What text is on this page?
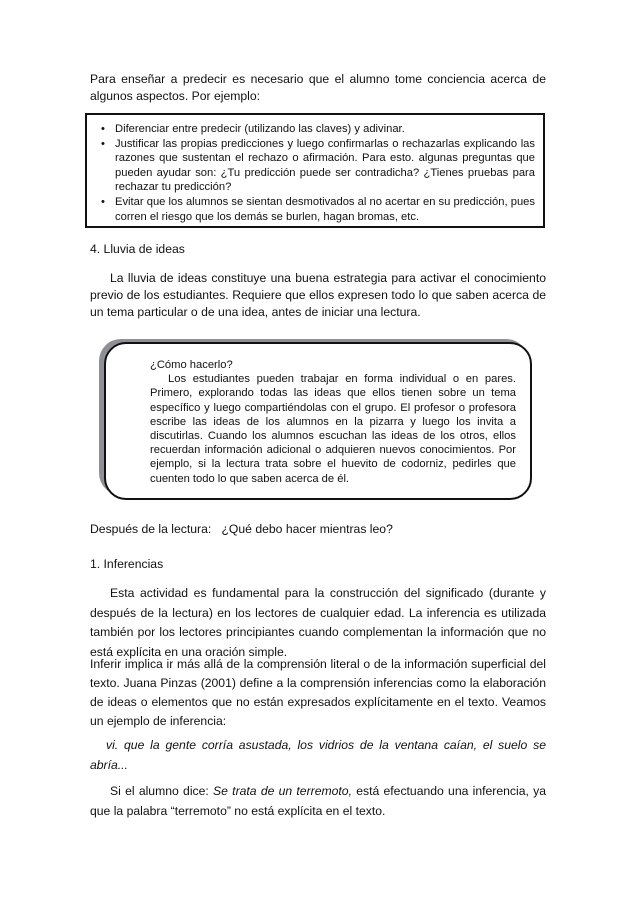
Para enseñar a predecir es necesario que el alumno tome conciencia acerca de algunos aspectos. Por ejemplo:

• Diferenciar entre predecir (utilizando las claves) y adivinar.
• Justificar las propias predicciones y luego confirmarlas o rechazarlas explicando las razones que sustentan el rechazo o afirmación. Para esto. algunas preguntas que pueden ayudar son: ¿Tu predicción puede ser contradicha? ¿Tienes pruebas para rechazar tu predicción?
• Evitar que los alumnos se sientan desmotivados al no acertar en su predicción, pues corren el riesgo que los demás se burlen, hagan bromas, etc.

4. Lluvia de ideas

La lluvia de ideas constituye una buena estrategia para activar el conocimiento previo de los estudiantes. Requiere que ellos expresen todo lo que saben acerca de un tema particular o de una idea, antes de iniciar una lectura.

¿Cómo hacerlo?

Los estudiantes pueden trabajar en forma individual o en pares. Primero, explorando todas las ideas que ellos tienen sobre un tema específico y luego compartiéndolas con el grupo. El profesor o profesora escribe las ideas de los alumnos en la pizarra y luego los invita a discutirlas. Cuando los alumnos escuchan las ideas de los otros, ellos recuerdan información adicional o adquieren nuevos conocimientos. Por ejemplo, si la lectura trata sobre el huevito de codorniz, pedirles que cuenten todo lo que saben acerca de él.

Después de la lectura: ¿Qué debo hacer mientras leo?

1. Inferencias

Esta actividad es fundamental para la construcción del significado (durante y después de la lectura) en los lectores de cualquier edad. La inferencia es utilizada también por los lectores principiantes cuando complementan la información que no está explícita en una oración simple.

Inferir implica ir más allá de la comprensión literal o de la información superficial del texto. Juana Pinzas (2001) define a la comprensión inferencias como la elaboración de ideas o elementos que no están expresados explícitamente en el texto. Veamos un ejemplo de inferencia:

vi. que la gente corría asustada, los vidrios de la ventana caían, el suelo se abría...

Si el alumno dice: Se trata de un terremoto, está efectuando una inferencia, ya que la palabra “terremoto” no está explícita en el texto.
